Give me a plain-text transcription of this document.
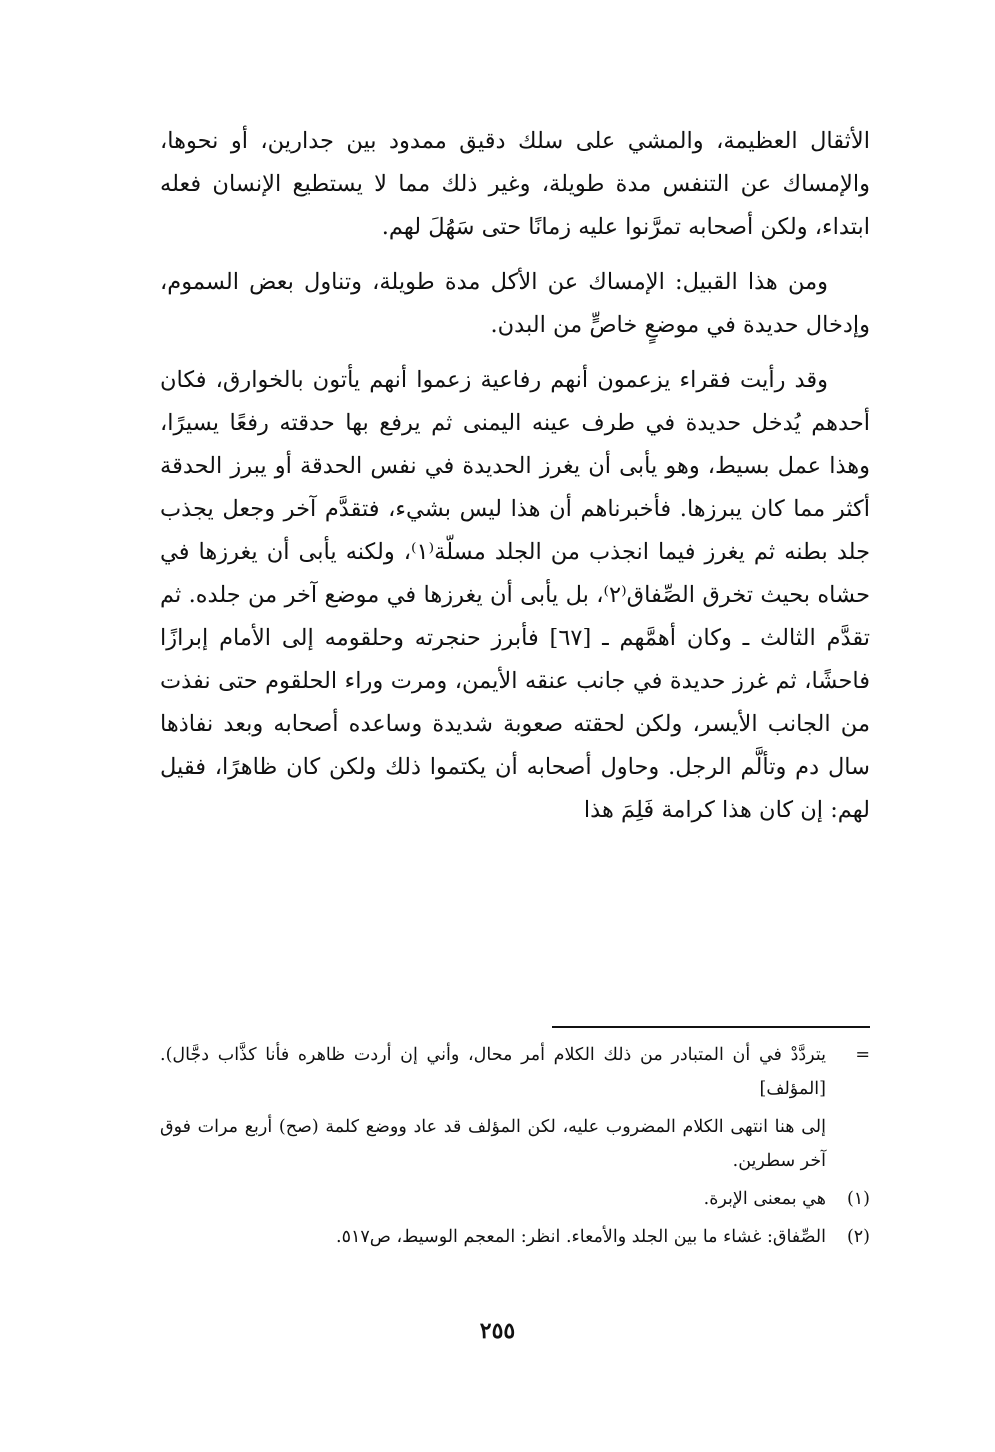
الأثقال العظيمة، والمشي على سلك دقيق ممدود بين جدارين، أو نحوها، والإمساك عن التنفس مدة طويلة، وغير ذلك مما لا يستطيع الإنسان فعله ابتداء، ولكن أصحابه تمرَّنوا عليه زمانًا حتى سَهُلَ لهم.

ومن هذا القبيل: الإمساك عن الأكل مدة طويلة، وتناول بعض السموم، وإدخال حديدة في موضعٍ خاصٍّ من البدن.

وقد رأيت فقراء يزعمون أنهم رفاعية زعموا أنهم يأتون بالخوارق، فكان أحدهم يُدخل حديدة في طرف عينه اليمنى ثم يرفع بها حدقته رفعًا يسيرًا، وهذا عمل بسيط، وهو يأبى أن يغرز الحديدة في نفس الحدقة أو يبرز الحدقة أكثر مما كان يبرزها. فأخبرناهم أن هذا ليس بشيء، فتقدَّم آخر وجعل يجذب جلد بطنه ثم يغرز فيما انجذب من الجلد مسلّة⁽١⁾، ولكنه يأبى أن يغرزها في حشاه بحيث تخرق الصِّفاق⁽٢⁾، بل يأبى أن يغرزها في موضع آخر من جلده. ثم تقدَّم الثالث ـ وكان أهمَّهم ـ [٦٧] فأبرز حنجرته وحلقومه إلى الأمام إبرازًا فاحشًا، ثم غرز حديدة في جانب عنقه الأيمن، ومرت وراء الحلقوم حتى نفذت من الجانب الأيسر، ولكن لحقته صعوبة شديدة وساعده أصحابه وبعد نفاذها سال دم وتألَّم الرجل. وحاول أصحابه أن يكتموا ذلك ولكن كان ظاهرًا، فقيل لهم: إن كان هذا كرامة فَلِمَ هذا

=
يتردَّدْ في أن المتبادر من ذلك الكلام أمر محال، وأني إن أردت ظاهره فأنا كذَّاب دجَّال). [المؤلف]
إلى هنا انتهى الكلام المضروب عليه، لكن المؤلف قد عاد ووضع كلمة (صح) أربع مرات فوق آخر سطرين.
(١)
هي بمعنى الإبرة.
(٢)
الصِّفاق: غشاء ما بين الجلد والأمعاء. انظر: المعجم الوسيط، ص٥١٧.
٢٥٥
